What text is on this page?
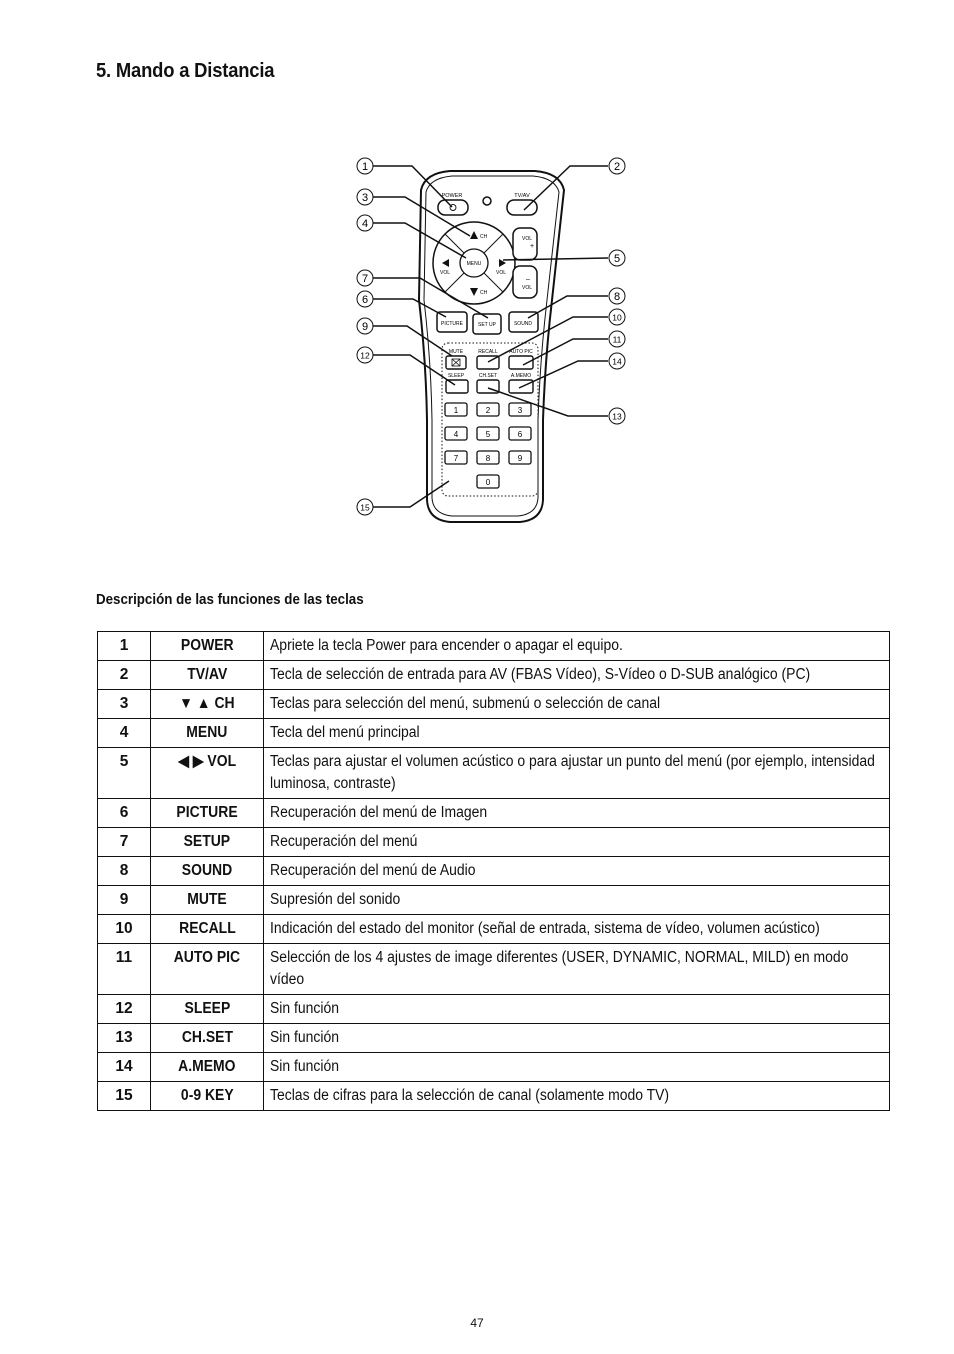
5. Mando a Distancia
POWER	TV/AV
MENU
CH
CH
VOL	VOL
VOL
+
–
VOL
PICTURE	SET UP	SOUND
MUTE	RECALL AUTO PIC
SLEEP	CH.SET	A.MEMO
1	2	3
4	5	6
7	8	9
0
1	2
3
4
5
6
7
8
9
10
11
12
13
14
15
Descripción de las funciones de las teclas
1	POWER	Apriete la tecla Power para encender o apagar el equipo.

2	TV/AV	Tecla de selección de entrada para AV (FBAS Vídeo), S-Vídeo o D-SUB analógico (PC)

3	▼ ▲ CH	Teclas para selección del menú, submenú o selección de canal

4	MENU	Tecla del menú principal

5	◀ ▶ VOL	Teclas para ajustar el volumen acústico o para ajustar un punto del menú (por ejemplo, intensidad luminosa, contraste)

6	PICTURE	Recuperación del menú de Imagen

7	SETUP	Recuperación del menú

8	SOUND	Recuperación del menú de Audio

9	MUTE	Supresión del sonido

10	RECALL	Indicación del estado del monitor (señal de entrada, sistema de vídeo, volumen acústico)

11	AUTO PIC	Selección de los 4 ajustes de image diferentes (USER, DYNAMIC, NORMAL, MILD) en modo vídeo

12	SLEEP	Sin función

13	CH.SET	Sin función

14	A.MEMO	Sin función

15	0-9 KEY	Teclas de cifras para la selección de canal (solamente modo TV)
47
